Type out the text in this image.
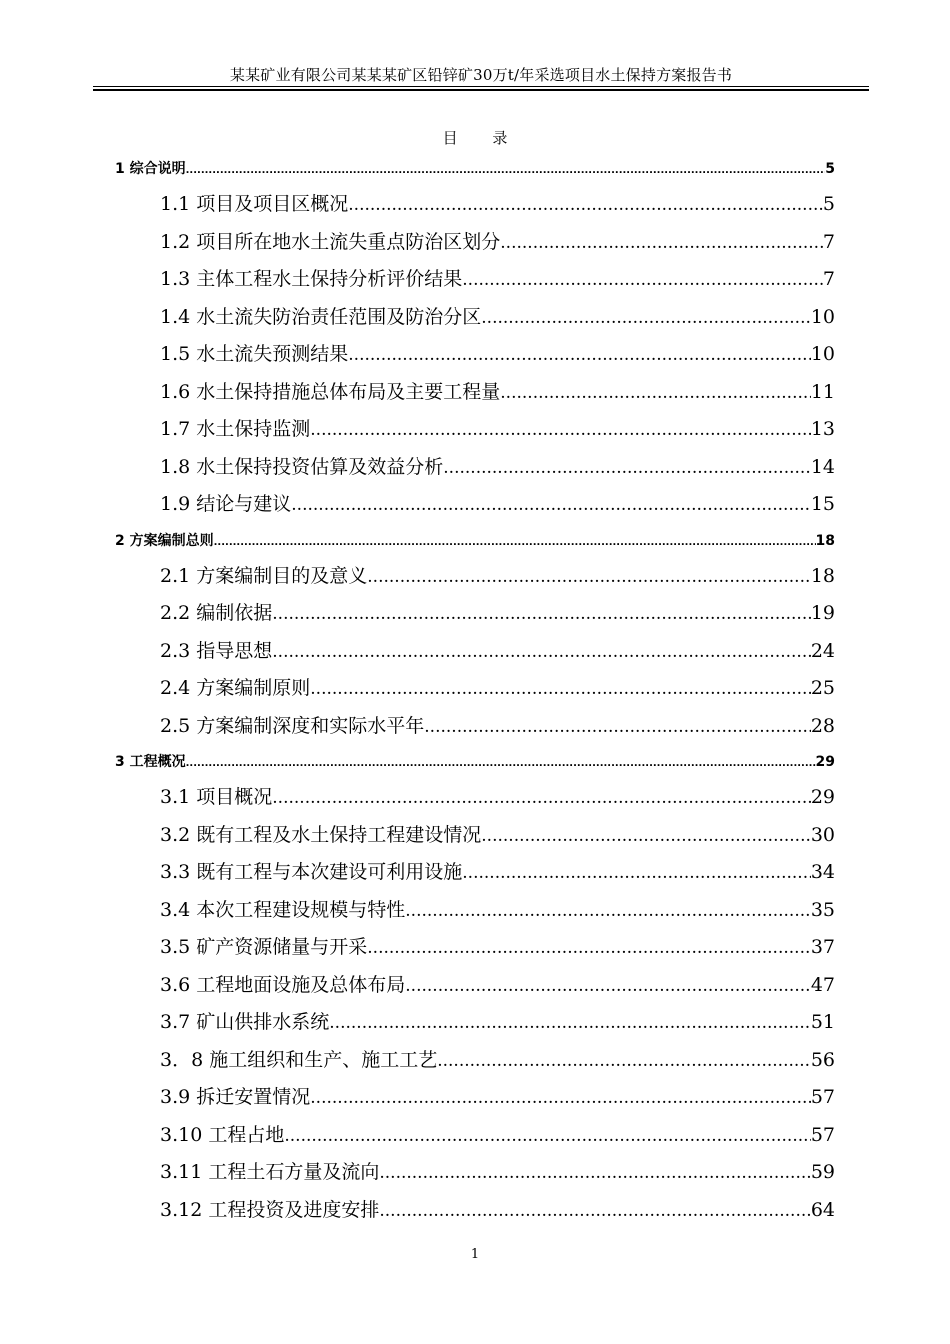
某某矿业有限公司某某某矿区铅锌矿30万t/年采选项目水土保持方案报告书
目 录
1 综合说明 .....	5
1.1 项目及项目区概况 .....	5
1.2 项目所在地水土流失重点防治区划分 .....	7
1.3 主体工程水土保持分析评价结果 .....	7
1.4 水土流失防治责任范围及防治分区 .....	10
1.5 水土流失预测结果 .....	10
1.6 水土保持措施总体布局及主要工程量 .....	11
1.7 水土保持监测 .....	13
1.8 水土保持投资估算及效益分析 .....	14
1.9 结论与建议 .....	15
2 方案编制总则 .....	18
2.1 方案编制目的及意义 .....	18
2.2 编制依据 .....	19
2.3 指导思想 .....	24
2.4 方案编制原则 .....	25
2.5 方案编制深度和实际水平年 .....	28
3 工程概况 .....	29
3.1 项目概况 .....	29
3.2 既有工程及水土保持工程建设情况 .....	30
3.3 既有工程与本次建设可利用设施 .....	34
3.4 本次工程建设规模与特性 .....	35
3.5 矿产资源储量与开采 .....	37
3.6 工程地面设施及总体布局 .....	47
3.7 矿山供排水系统 .....	51
3．8 施工组织和生产、施工工艺 .....	56
3.9 拆迁安置情况 .....	57
3.10 工程占地 .....	57
3.11 工程土石方量及流向 .....	59
3.12 工程投资及进度安排 .....	64
1
